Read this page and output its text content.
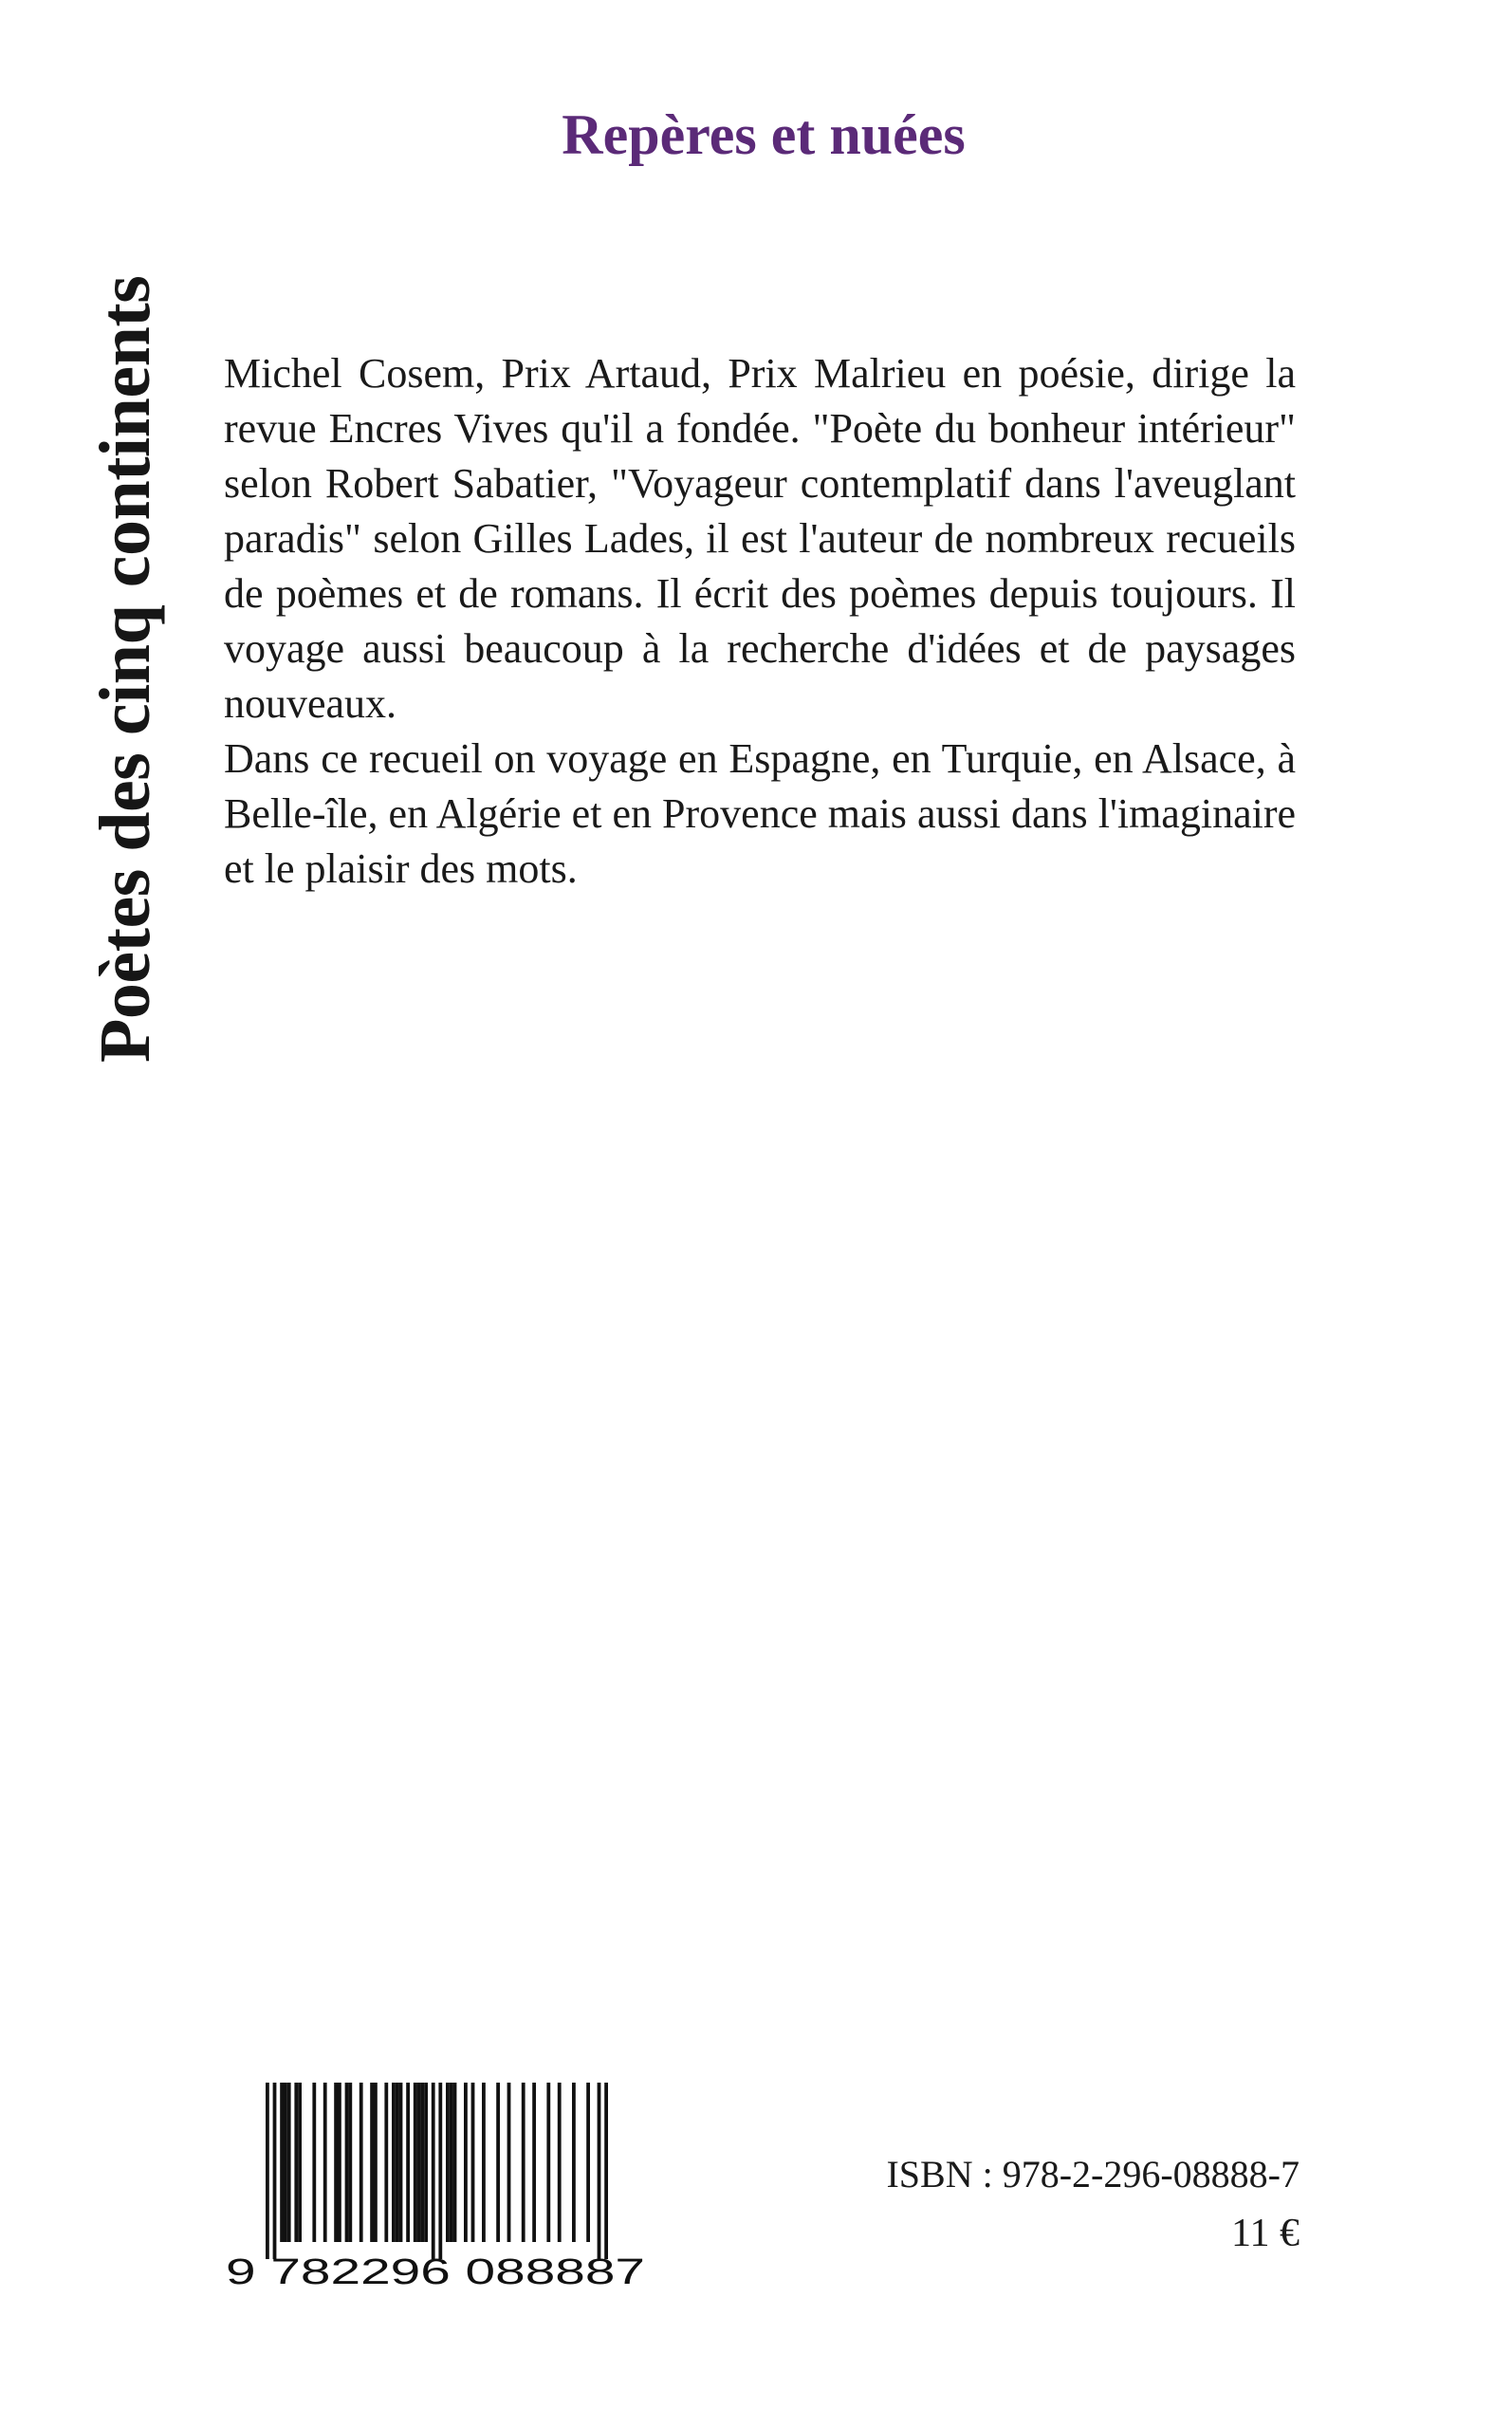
Poètes des cinq continents
Repères et nuées

Michel Cosem, Prix Artaud, Prix Malrieu en poésie, dirige la revue Encres Vives qu'il a fondée. "Poète du bonheur intérieur" selon Robert Sabatier, "Voyageur contemplatif dans l'aveuglant paradis" selon Gilles Lades, il est l'auteur de nombreux recueils de poèmes et de romans. Il écrit des poèmes depuis toujours. Il voyage aussi beaucoup à la recherche d'idées et de paysages nouveaux.

Dans ce recueil on voyage en Espagne, en Turquie, en Alsace, à Belle-île, en Algérie et en Provence mais aussi dans l'imaginaire et le plaisir des mots.

9 782296 088887
ISBN : 978-2-296-08888-7
11 €
